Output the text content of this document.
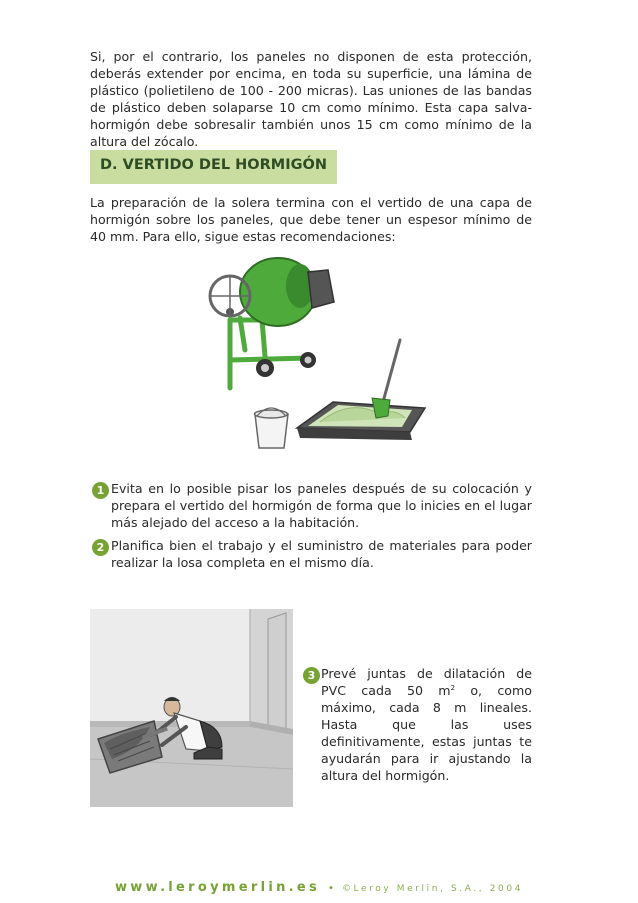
Si, por el contrario, los paneles no disponen de esta protección, deberás extender por encima, en toda su superficie, una lámina de plástico (polietileno de 100 - 200 micras). Las uniones de las bandas de plástico deben solaparse 10 cm como mínimo. Esta capa salva-hormigón debe sobresalir también unos 15 cm como mínimo de la altura del zócalo.

D. VERTIDO DEL HORMIGÓN

La preparación de la solera termina con el vertido de una capa de hormigón sobre los paneles, que debe tener un espesor mínimo de 40 mm. Para ello, sigue estas recomendaciones:

1 Evita en lo posible pisar los paneles después de su colocación y prepara el vertido del hormigón de forma que lo inicies en el lugar más alejado del acceso a la habitación.

2 Planifica bien el trabajo y el suministro de materiales para poder realizar la losa completa en el mismo día.

3 Prevé juntas de dilatación de PVC cada 50 $m^2$ o, como máximo, cada 8 m lineales. Hasta que las uses definitivamente, estas juntas te ayudarán para ir ajustando la altura del hormigón.

www.leroymerlin.es • ©Leroy Merlin, S.A., 2004
